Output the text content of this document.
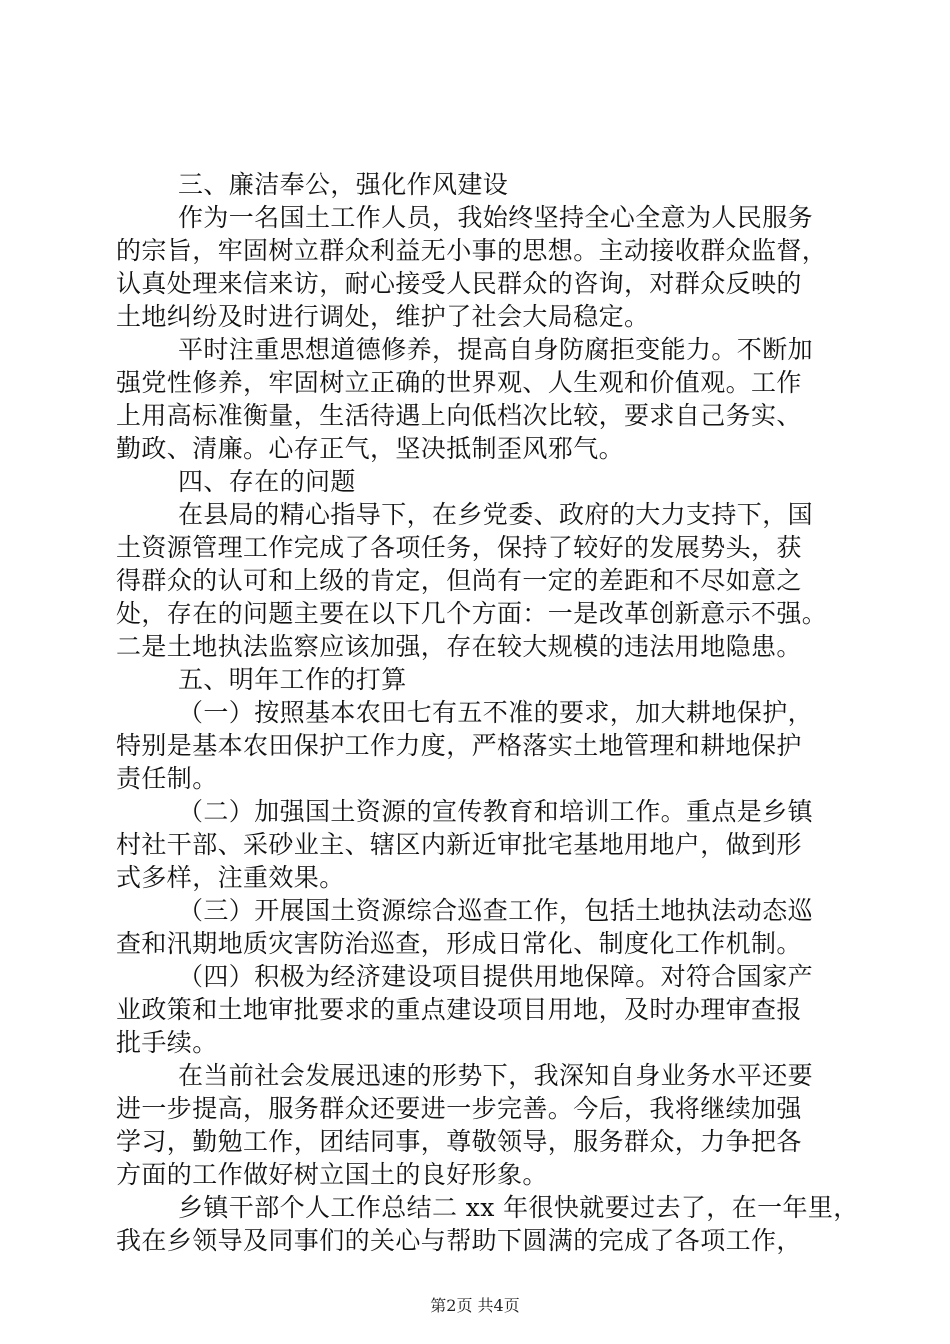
三、廉洁奉公，强化作风建设
作为一名国土工作人员，我始终坚持全心全意为人民服务
的宗旨，牢固树立群众利益无小事的思想。主动接收群众监督，
认真处理来信来访，耐心接受人民群众的咨询，对群众反映的
土地纠纷及时进行调处，维护了社会大局稳定。
平时注重思想道德修养，提高自身防腐拒变能力。不断加
强党性修养，牢固树立正确的世界观、人生观和价值观。工作
上用高标准衡量，生活待遇上向低档次比较，要求自己务实、
勤政、清廉。心存正气，坚决抵制歪风邪气。
四、存在的问题
在县局的精心指导下，在乡党委、政府的大力支持下，国
土资源管理工作完成了各项任务，保持了较好的发展势头，获
得群众的认可和上级的肯定，但尚有一定的差距和不尽如意之
处，存在的问题主要在以下几个方面：一是改革创新意示不强。
二是土地执法监察应该加强，存在较大规模的违法用地隐患。
五、明年工作的打算
（一）按照基本农田七有五不准的要求，加大耕地保护，
特别是基本农田保护工作力度，严格落实土地管理和耕地保护
责任制。
（二）加强国土资源的宣传教育和培训工作。重点是乡镇
村社干部、采砂业主、辖区内新近审批宅基地用地户，做到形
式多样，注重效果。
（三）开展国土资源综合巡查工作，包括土地执法动态巡
查和汛期地质灾害防治巡查，形成日常化、制度化工作机制。
（四）积极为经济建设项目提供用地保障。对符合国家产
业政策和土地审批要求的重点建设项目用地，及时办理审查报
批手续。
在当前社会发展迅速的形势下，我深知自身业务水平还要
进一步提高，服务群众还要进一步完善。今后，我将继续加强
学习，勤勉工作，团结同事，尊敬领导，服务群众，力争把各
方面的工作做好树立国土的良好形象。
乡镇干部个人工作总结二 xx 年很快就要过去了，在一年里，
我在乡领导及同事们的关心与帮助下圆满的完成了各项工作，
第2页 共4页
